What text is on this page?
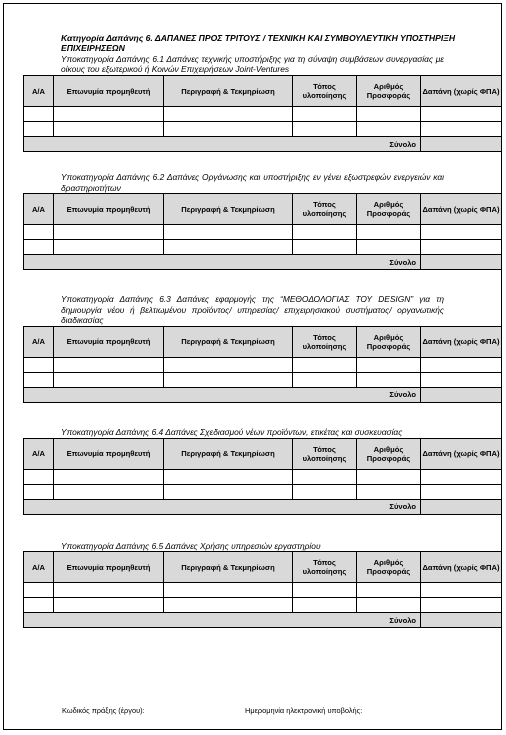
Κατηγορία Δαπάνης 6. ΔΑΠΑΝΕΣ ΠΡΟΣ ΤΡΙΤΟΥΣ / ΤΕΧΝΙΚΗ ΚΑΙ ΣΥΜΒΟΥΛΕΥΤΙΚΗ ΥΠΟΣΤΗΡΙΞΗ ΕΠΙΧΕΙΡΗΣΕΩΝ
Υποκατηγορία Δαπάνης 6.1 Δαπάνες τεχνικής υποστήριξης για τη σύναψη συμβάσεων συνεργασίας με οίκους του εξωτερικού ή Κοινών Επιχειρήσεων Joint-Ventures
Α/Α	Επωνυμία προμηθευτή	Περιγραφή & Τεκμηρίωση	Τόπος υλοποίησης	Αριθμός Προσφοράς	Δαπάνη (χωρίς ΦΠΑ)

Σύνολο					
Υποκατηγορία Δαπάνης 6.2 Δαπάνες Οργάνωσης και υποστήριξης εν γένει εξωστρεφών ενεργειών και δραστηριοτήτων
Α/Α	Επωνυμία προμηθευτή	Περιγραφή & Τεκμηρίωση	Τόπος υλοποίησης	Αριθμός Προσφοράς	Δαπάνη (χωρίς ΦΠΑ)

Σύνολο					
Υποκατηγορία Δαπάνης 6.3 Δαπάνες εφαρμογής της “ΜΕΘΟΔΟΛΟΓΙΑΣ ΤΟΥ DESIGN” για τη δημιουργία νέου ή βελτιωμένου προϊόντος/ υπηρεσίας/ επιχειρησιακού συστήματος/ οργανωτικής διαδικασίας
Α/Α	Επωνυμία προμηθευτή	Περιγραφή & Τεκμηρίωση	Τόπος υλοποίησης	Αριθμός Προσφοράς	Δαπάνη (χωρίς ΦΠΑ)

Σύνολο					
Υποκατηγορία Δαπάνης 6.4 Δαπάνες Σχεδιασμού νέων προϊόντων, ετικέτας και συσκευασίας
Α/Α	Επωνυμία προμηθευτή	Περιγραφή & Τεκμηρίωση	Τόπος υλοποίησης	Αριθμός Προσφοράς	Δαπάνη (χωρίς ΦΠΑ)

Σύνολο					
Υποκατηγορία Δαπάνης 6.5 Δαπάνες Χρήσης υπηρεσιών εργαστηρίου
Α/Α	Επωνυμία προμηθευτή	Περιγραφή & Τεκμηρίωση	Τόπος υλοποίησης	Αριθμός Προσφοράς	Δαπάνη (χωρίς ΦΠΑ)

Σύνολο					
Κωδικός πράξης (έργου):	Ημερομηνία ηλεκτρονική υποβολής:
